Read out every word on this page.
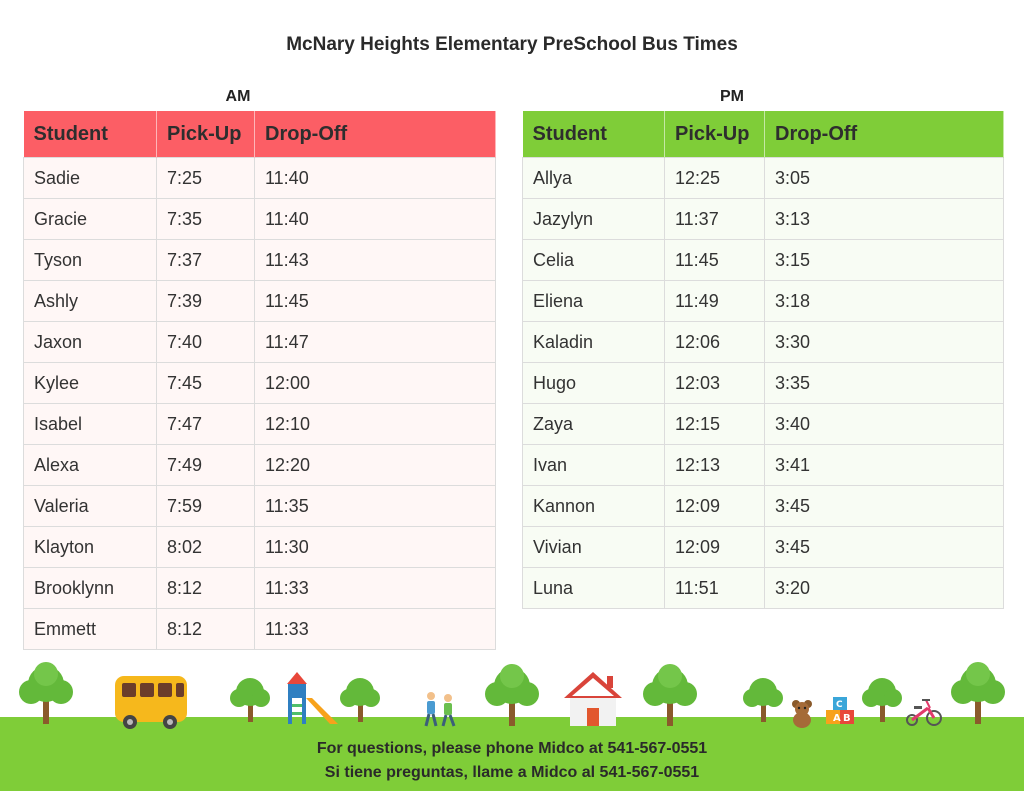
McNary Heights Elementary PreSchool Bus Times
AM	PM
Student	Pick-Up	Drop-Off
Sadie	7:25	11:40
Gracie	7:35	11:40
Tyson	7:37	11:43
Ashly	7:39	11:45
Jaxon	7:40	11:47
Kylee	7:45	12:00
Isabel	7:47	12:10
Alexa	7:49	12:20
Valeria	7:59	11:35
Klayton	8:02	11:30
Brooklynn	8:12	11:33
Emmett	8:12	11:33
Student	Pick-Up	Drop-Off
Allya	12:25	3:05
Jazylyn	11:37	3:13
Celia	11:45	3:15
Eliena	11:49	3:18
Kaladin	12:06	3:30
Hugo	12:03	3:35
Zaya	12:15	3:40
Ivan	12:13	3:41
Kannon	12:09	3:45
Vivian	12:09	3:45
Luna	11:51	3:20
A B
C
For questions, please phone Midco at 541-567-0551
Si tiene preguntas, llame a Midco al 541-567-0551
